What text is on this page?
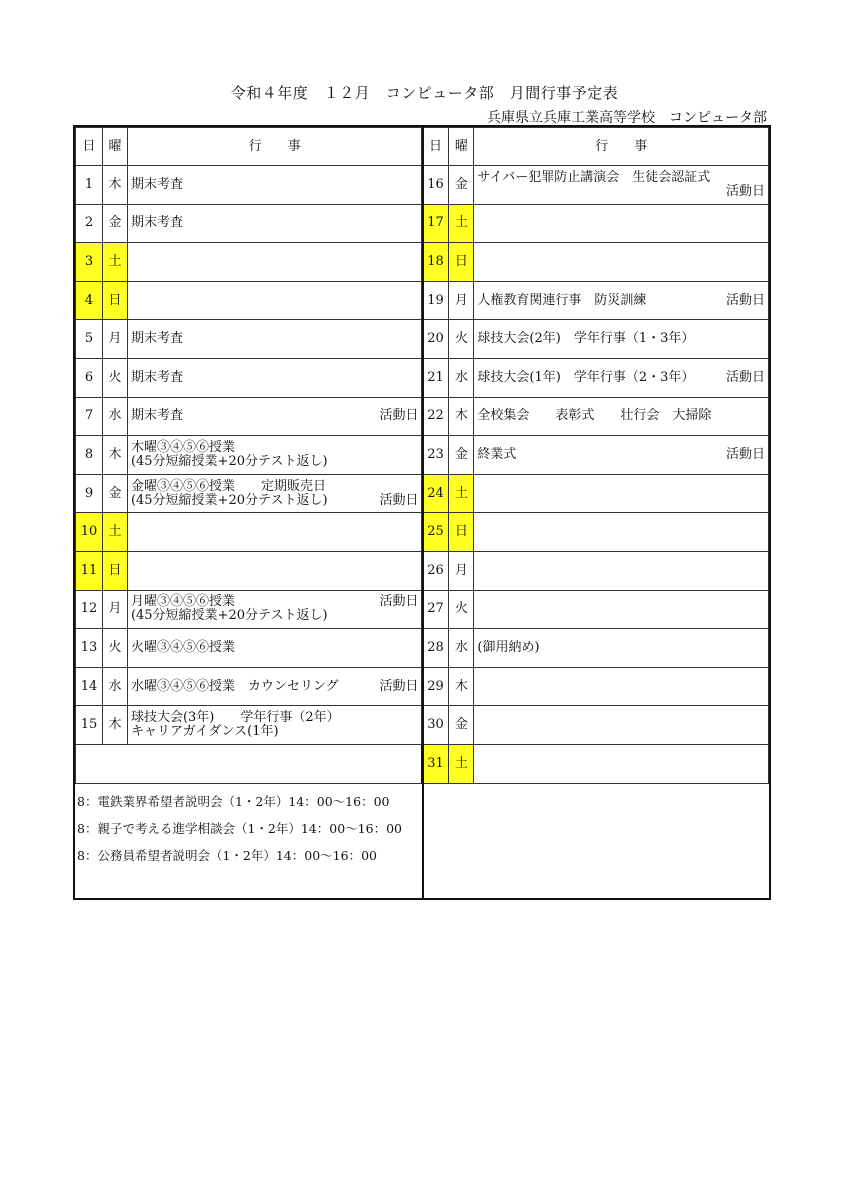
令和４年度　１２月　コンピュータ部　月間行事予定表
兵庫県立兵庫工業高等学校　コンピュータ部
日	曜	行　　事	日	曜	行　　事
1	木	期末考査	16	金	サイバー犯罪防止講演会　生徒会認証式
活動日

2	金	期末考査	17	土	

3	土		18	日	

4	日		19	月	人権教育関連行事　防災訓練 活動日

5	月	期末考査	20	火	球技大会(2年)　学年行事（1・3年）

6	火	期末考査	21	水	球技大会(1年)　学年行事（2・3年） 活動日

7	水	期末考査 活動日	22	木	全校集会　　表彰式　　壮行会　大掃除

8	木	木曜③④⑤⑥授業
(45分短縮授業+20分テスト返し)	23	金	終業式 活動日

9	金	金曜③④⑤⑥授業　　定期販売日
(45分短縮授業+20分テスト返し) 活動日	24	土	

10	土		25	日	

11	日		26	月	

12	月	月曜③④⑤⑥授業 活動日
(45分短縮授業+20分テスト返し)	27	火	

13	火	火曜③④⑤⑥授業	28	水	(御用納め)

14	水	水曜③④⑤⑥授業　カウンセリング 活動日	29	木	

15	木	球技大会(3年)　　学年行事（2年）
キャリアガイダンス(1年)	30	金	

			31	土	
8：電鉄業界希望者説明会（1・2年）14：00～16：00
8：親子で考える進学相談会（1・2年）14：00～16：00
8：公務員希望者説明会（1・2年）14：00～16：00
